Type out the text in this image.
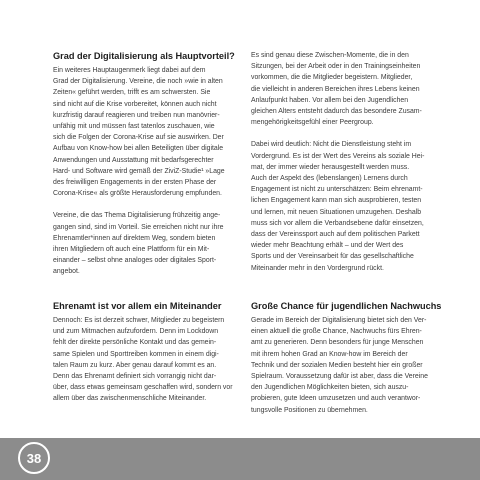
Grad der Digitalisierung als Hauptvorteil?

Ein weiteres Hauptaugenmerk liegt dabei auf dem
Grad der Digitalisierung. Vereine, die noch »wie in alten
Zeiten« geführt werden, trifft es am schwersten. Sie
sind nicht auf die Krise vorbereitet, können auch nicht
kurzfristig darauf reagieren und treiben nun manövrier-
unfähig mit und müssen fast tatenlos zuschauen, wie
sich die Folgen der Corona-Krise auf sie auswirken. Der
Aufbau von Know-how bei allen Beteiligten über digitale
Anwendungen und Ausstattung mit bedarfsgerechter
Hard- und Software wird gemäß der ZiviZ-Studie¹ »Lage
des freiwilligen Engagements in der ersten Phase der
Corona-Krise« als größte Herausforderung empfunden.

Vereine, die das Thema Digitalisierung frühzeitig ange-
gangen sind, sind im Vorteil. Sie erreichen nicht nur ihre
Ehrenamtler*innen auf direktem Weg, sondern bieten
ihren Mitgliedern oft auch eine Plattform für ein Mit-
einander – selbst ohne analoges oder digitales Sport-
angebot.

Es sind genau diese Zwischen-Momente, die in den
Sitzungen, bei der Arbeit oder in den Trainingseinheiten
vorkommen, die die Mitglieder begeistern. Mitglieder,
die vielleicht in anderen Bereichen ihres Lebens keinen
Anlaufpunkt haben. Vor allem bei den Jugendlichen
gleichen Alters entsteht dadurch das besondere Zusam-
mengehörigkeitsgefühl einer Peergroup.

Dabei wird deutlich: Nicht die Dienstleistung steht im
Vordergrund. Es ist der Wert des Vereins als soziale Hei-
mat, der immer wieder herausgestellt werden muss.
Auch der Aspekt des (lebenslangen) Lernens durch
Engagement ist nicht zu unterschätzen: Beim ehrenamt-
lichen Engagement kann man sich ausprobieren, testen
und lernen, mit neuen Situationen umzugehen. Deshalb
muss sich vor allem die Verbandsebene dafür einsetzen,
dass der Vereinssport auch auf dem politischen Parkett
wieder mehr Beachtung erhält – und der Wert des
Sports und der Vereinsarbeit für das gesellschaftliche
Miteinander mehr in den Vordergrund rückt.

Ehrenamt ist vor allem ein Miteinander

Dennoch: Es ist derzeit schwer, Mitglieder zu begeistern
und zum Mitmachen aufzufordern. Denn im Lockdown
fehlt der direkte persönliche Kontakt und das gemein-
same Spielen und Sporttreiben kommen in einem digi-
talen Raum zu kurz. Aber genau darauf kommt es an.
Denn das Ehrenamt definiert sich vorrangig nicht dar-
über, dass etwas gemeinsam geschaffen wird, sondern vor
allem über das zwischenmenschliche Miteinander.

Große Chance für jugendlichen Nachwuchs

Gerade im Bereich der Digitalisierung bietet sich den Ver-
einen aktuell die große Chance, Nachwuchs fürs Ehren-
amt zu generieren. Denn besonders für junge Menschen
mit ihrem hohen Grad an Know-how im Bereich der
Technik und der sozialen Medien besteht hier ein großer
Spielraum. Voraussetzung dafür ist aber, dass die Vereine
den Jugendlichen Möglichkeiten bieten, sich auszu-
probieren, gute Ideen umzusetzen und auch verantwor-
tungsvolle Positionen zu übernehmen.

38
